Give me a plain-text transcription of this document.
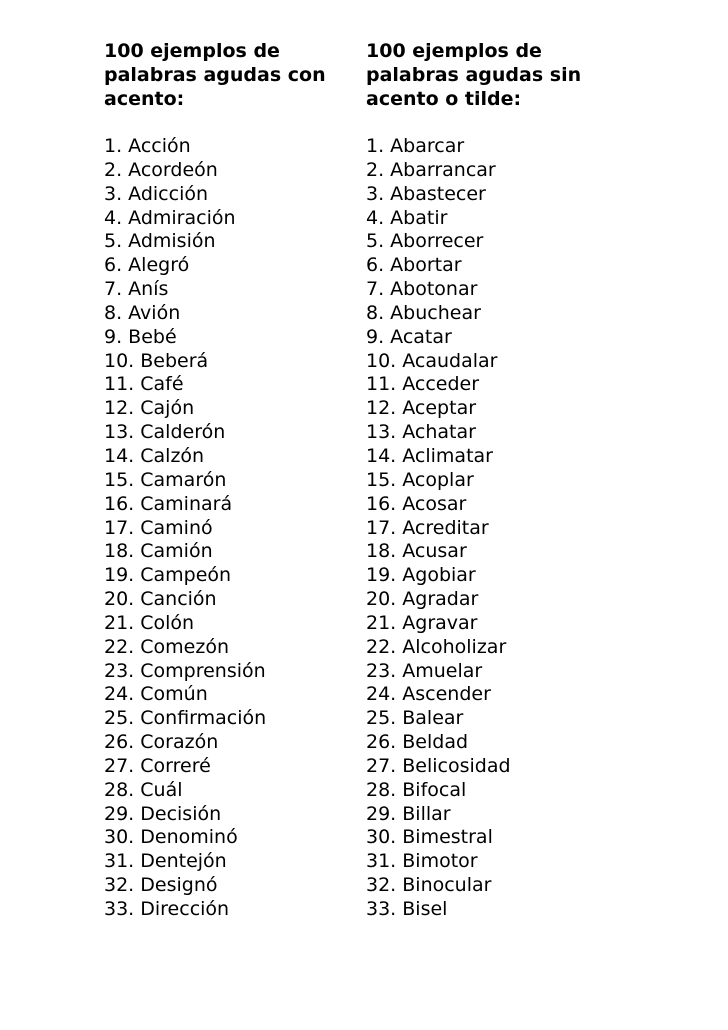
100 ejemplos de
palabras agudas con
acento:
1. Acción
2. Acordeón
3. Adicción
4. Admiración
5. Admisión
6. Alegró
7. Anís
8. Avión
9. Bebé
10. Beberá
11. Café
12. Cajón
13. Calderón
14. Calzón
15. Camarón
16. Caminará
17. Caminó
18. Camión
19. Campeón
20. Canción
21. Colón
22. Comezón
23. Comprensión
24. Común
25. Confirmación
26. Corazón
27. Correré
28. Cuál
29. Decisión
30. Denominó
31. Dentejón
32. Designó
33. Dirección
100 ejemplos de
palabras agudas sin
acento o tilde:
1. Abarcar
2. Abarrancar
3. Abastecer
4. Abatir
5. Aborrecer
6. Abortar
7. Abotonar
8. Abuchear
9. Acatar
10. Acaudalar
11. Acceder
12. Aceptar
13. Achatar
14. Aclimatar
15. Acoplar
16. Acosar
17. Acreditar
18. Acusar
19. Agobiar
20. Agradar
21. Agravar
22. Alcoholizar
23. Amuelar
24. Ascender
25. Balear
26. Beldad
27. Belicosidad
28. Bifocal
29. Billar
30. Bimestral
31. Bimotor
32. Binocular
33. Bisel
